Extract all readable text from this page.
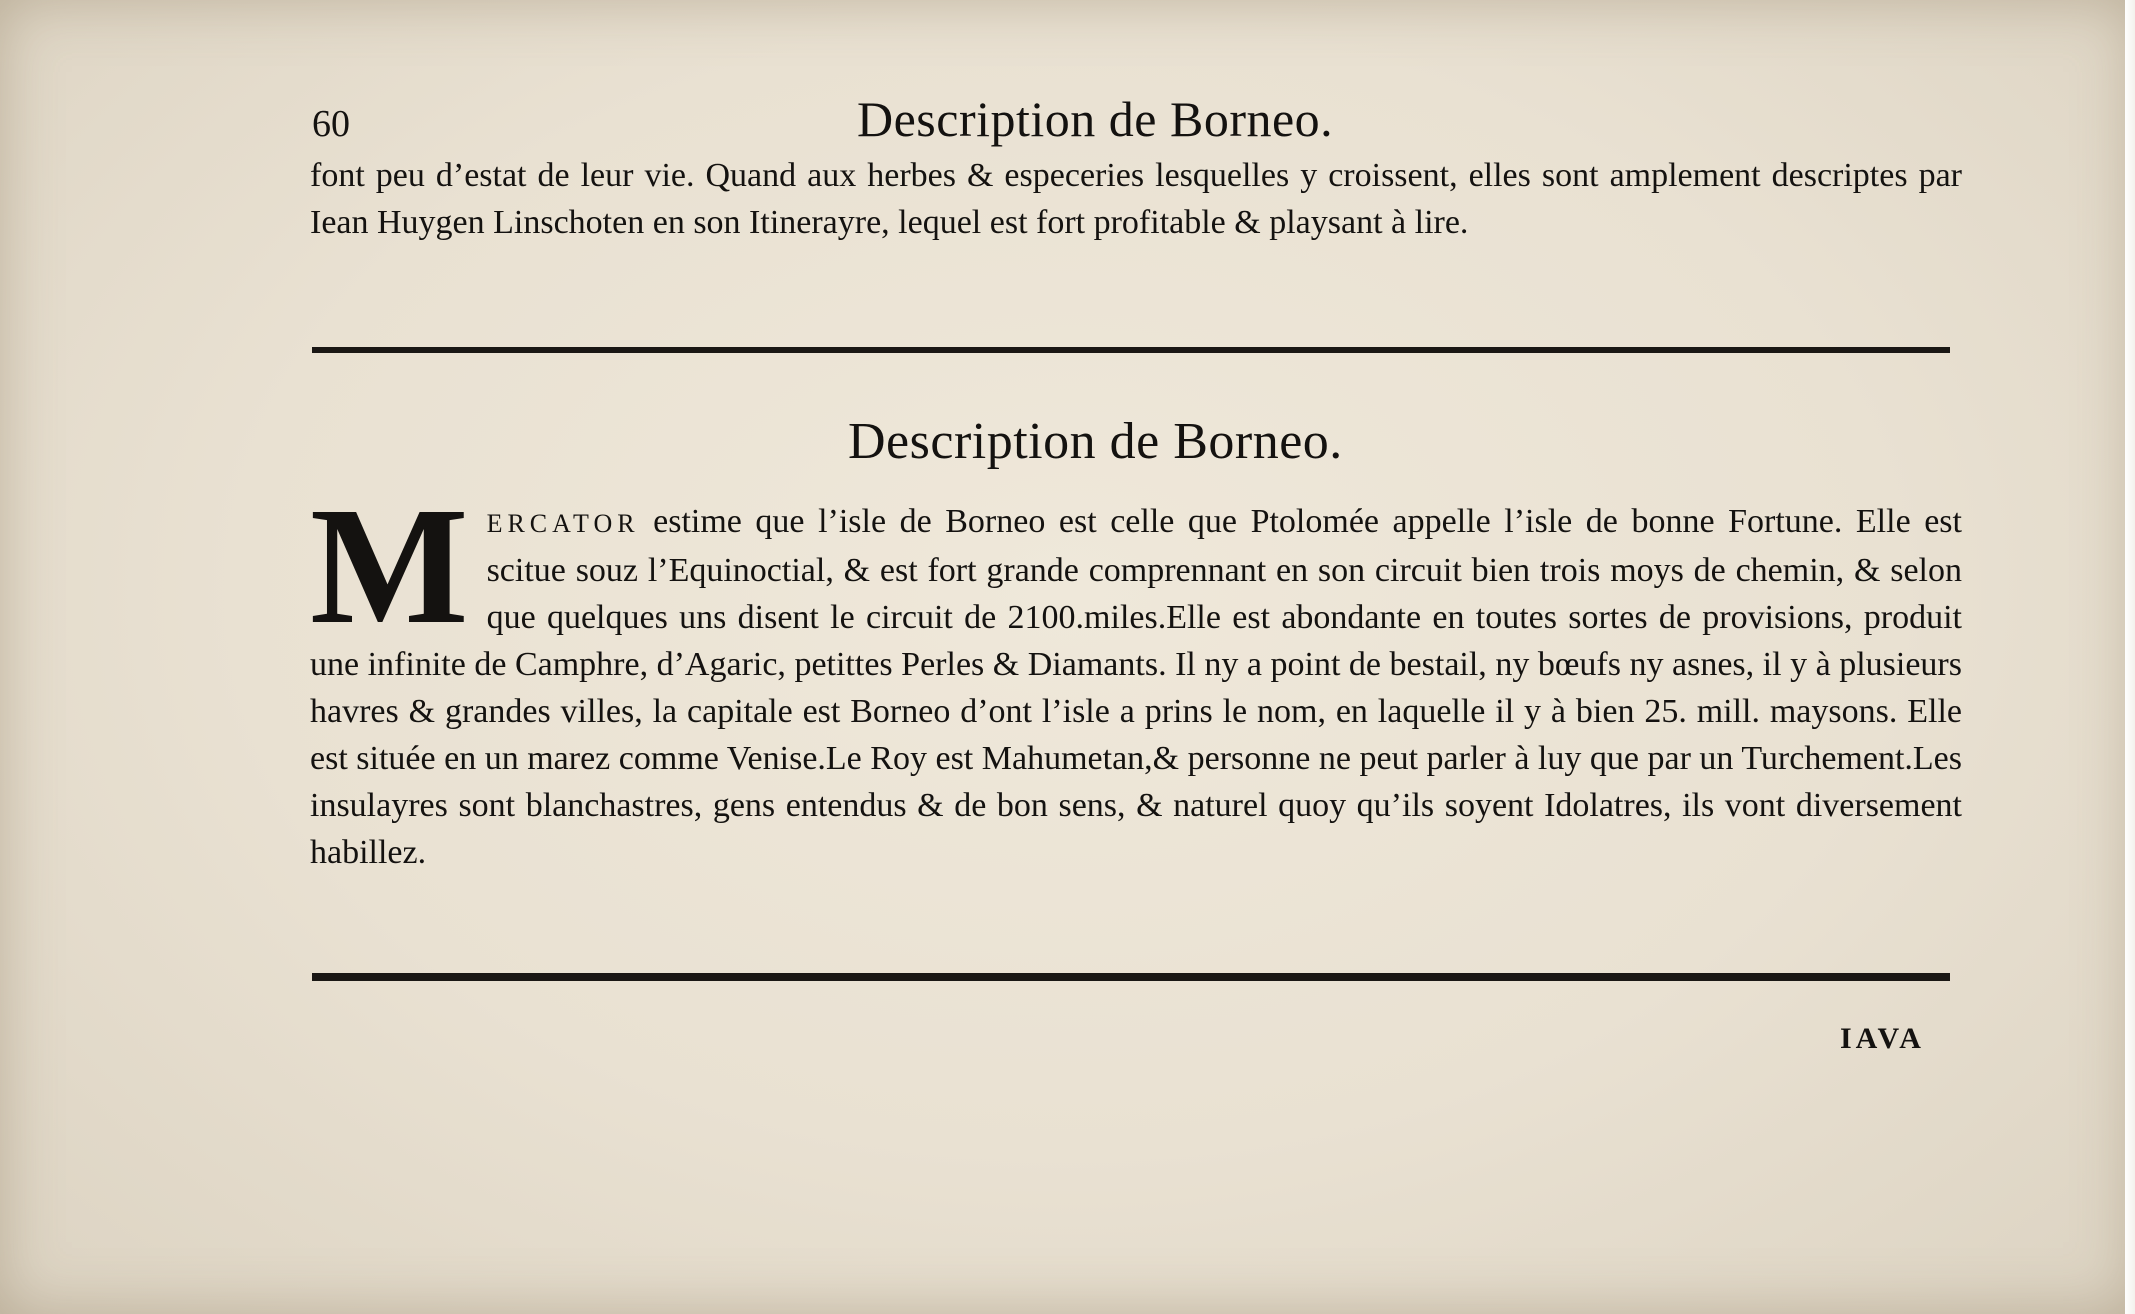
60	Description de Borneo.
font peu d’estat de leur vie. Quand aux herbes & especeries lesquelles y croissent, elles sont amplement descriptes par Iean Huygen Linschoten en son Itinerayre, lequel est fort profitable & playsant à lire.
Description de Borneo.
MERCATOR estime que l’isle de Borneo est celle que Ptolomée appelle l’isle de bonne Fortune. Elle est scitue souz l’Equinoctial, & est fort grande comprennant en son circuit bien trois moys de chemin, & selon que quelques uns disent le circuit de 2100.miles.Elle est abondante en toutes sortes de provisions, produit une infinite de Camphre, d’Agaric, petittes Perles & Diamants. Il ny a point de bestail, ny bœufs ny asnes, il y à plusieurs havres & grandes villes, la capitale est Borneo d’ont l’isle a prins le nom, en laquelle il y à bien 25. mill. maysons. Elle est située en un marez comme Venise.Le Roy est Mahumetan,& personne ne peut parler à luy que par un Turchement.Les insulayres sont blanchastres, gens entendus & de bon sens, & naturel quoy qu’ils soyent Idolatres, ils vont diversement habillez.
IAVA
